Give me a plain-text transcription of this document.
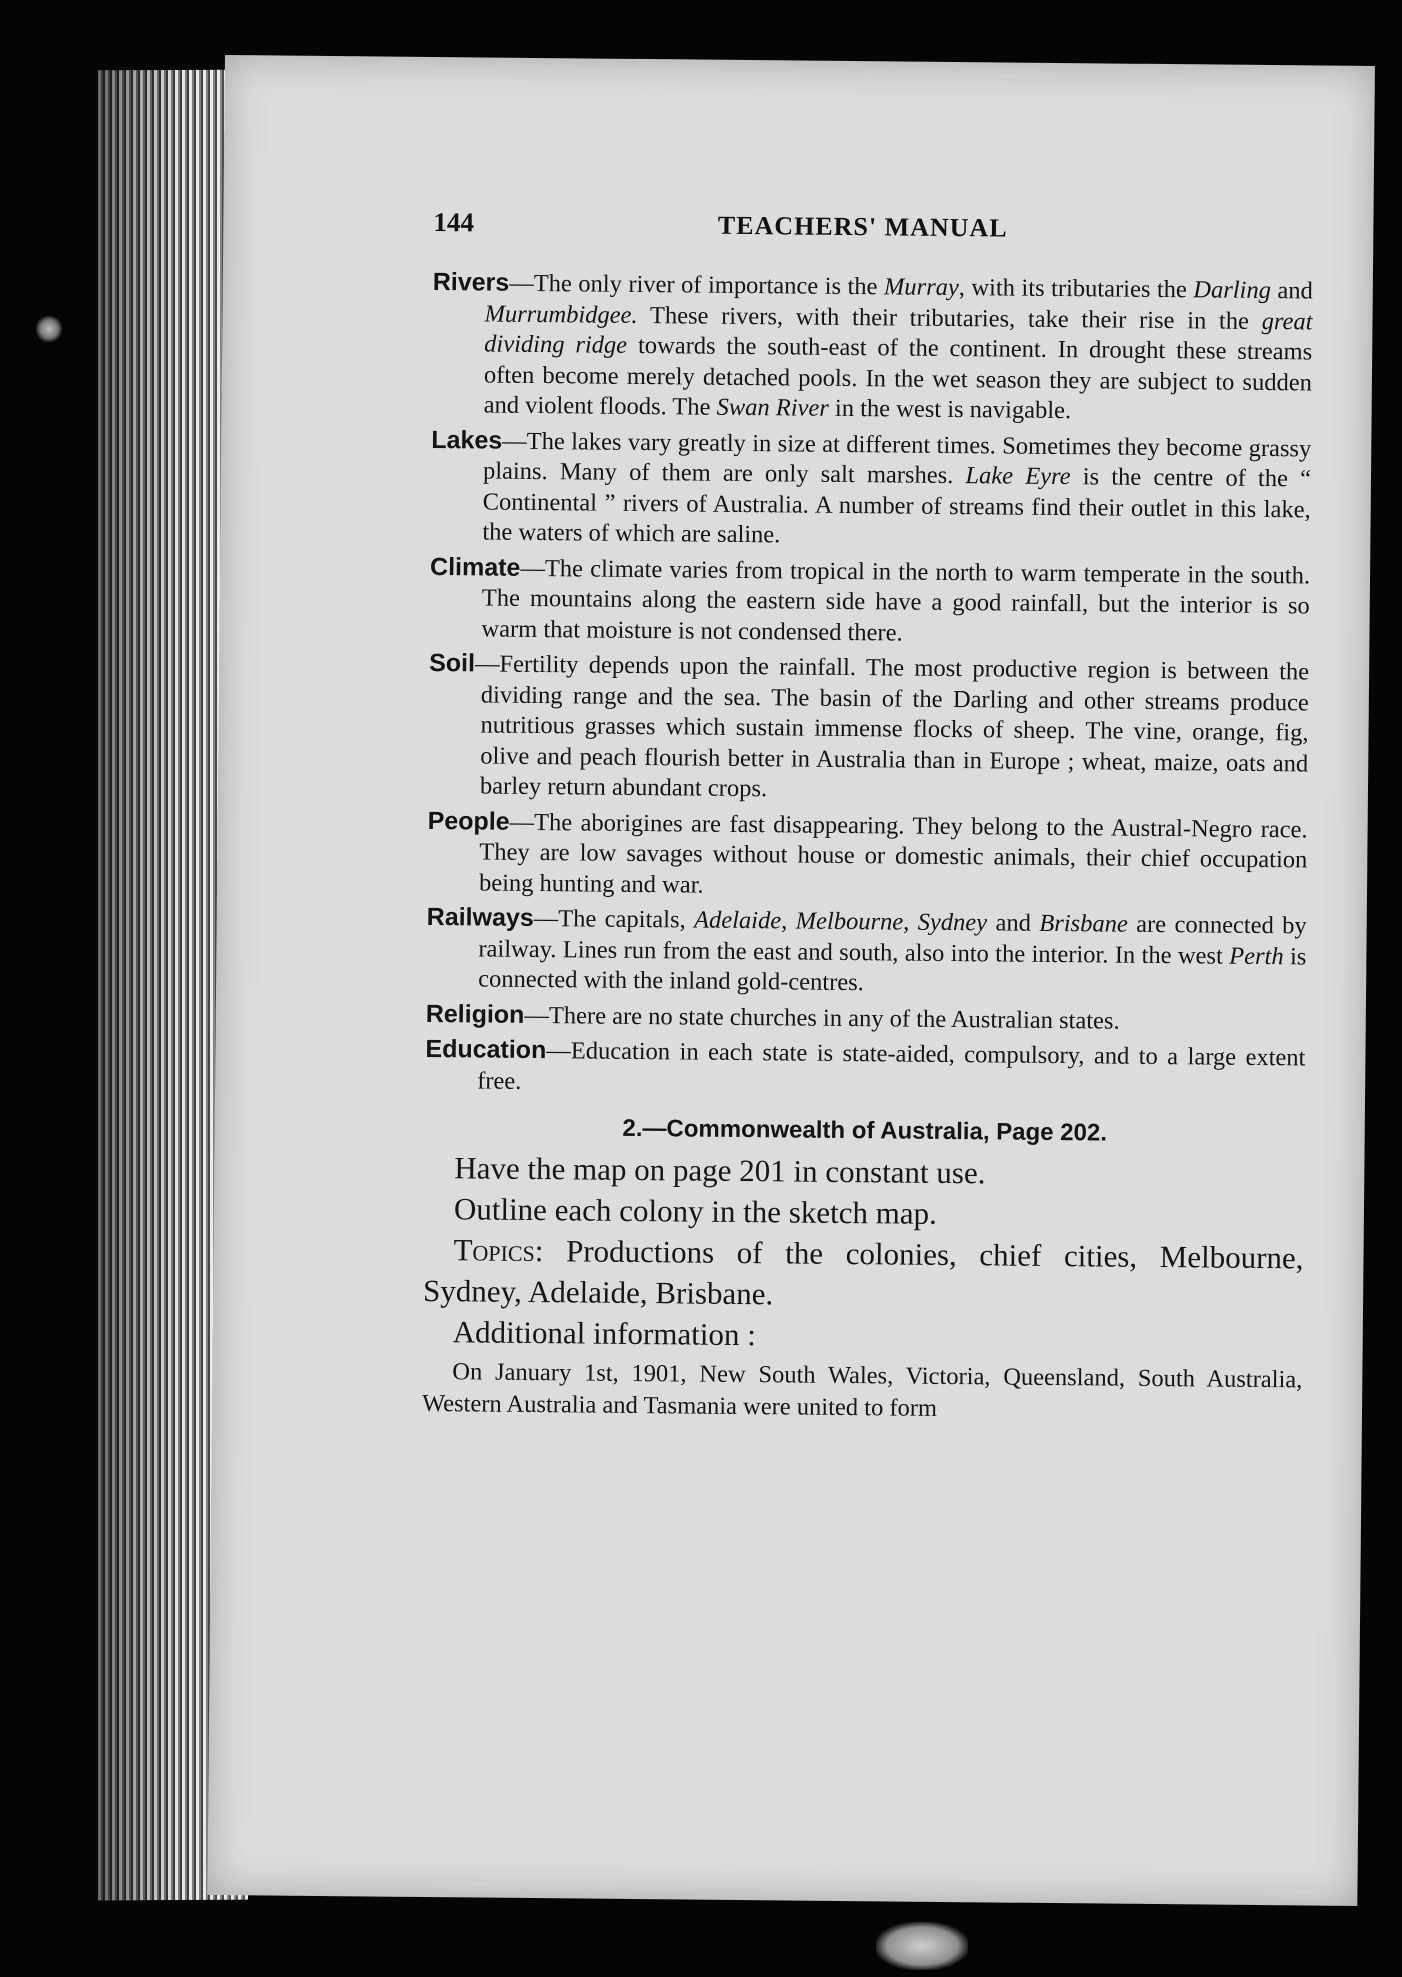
144	TEACHERS' MANUAL

Rivers—The only river of importance is the Murray, with its tributaries the Darling and Murrumbidgee. These rivers, with their tributaries, take their rise in the great dividing ridge towards the south-east of the continent. In drought these streams often become merely detached pools. In the wet season they are subject to sudden and violent floods. The Swan River in the west is navigable.

Lakes—The lakes vary greatly in size at different times. Sometimes they become grassy plains. Many of them are only salt marshes. Lake Eyre is the centre of the “ Continental ” rivers of Australia. A number of streams find their outlet in this lake, the waters of which are saline.

Climate—The climate varies from tropical in the north to warm temperate in the south. The mountains along the eastern side have a good rainfall, but the interior is so warm that moisture is not condensed there.

Soil—Fertility depends upon the rainfall. The most productive region is between the dividing range and the sea. The basin of the Darling and other streams produce nutritious grasses which sustain immense flocks of sheep. The vine, orange, fig, olive and peach flourish better in Australia than in Europe ; wheat, maize, oats and barley return abundant crops.

People—The aborigines are fast disappearing. They belong to the Austral-Negro race. They are low savages without house or domestic animals, their chief occupation being hunting and war.

Railways—The capitals, Adelaide, Melbourne, Sydney and Brisbane are connected by railway. Lines run from the east and south, also into the interior. In the west Perth is connected with the inland gold-centres.

Religion—There are no state churches in any of the Australian states.

Education—Education in each state is state-aided, compulsory, and to a large extent free.

2.—Commonwealth of Australia, Page 202.

Have the map on page 201 in constant use.

Outline each colony in the sketch map.

Topics: Productions of the colonies, chief cities, Melbourne, Sydney, Adelaide, Brisbane.

Additional information :

On January 1st, 1901, New South Wales, Victoria, Queensland, South Australia, Western Australia and Tasmania were united to form
